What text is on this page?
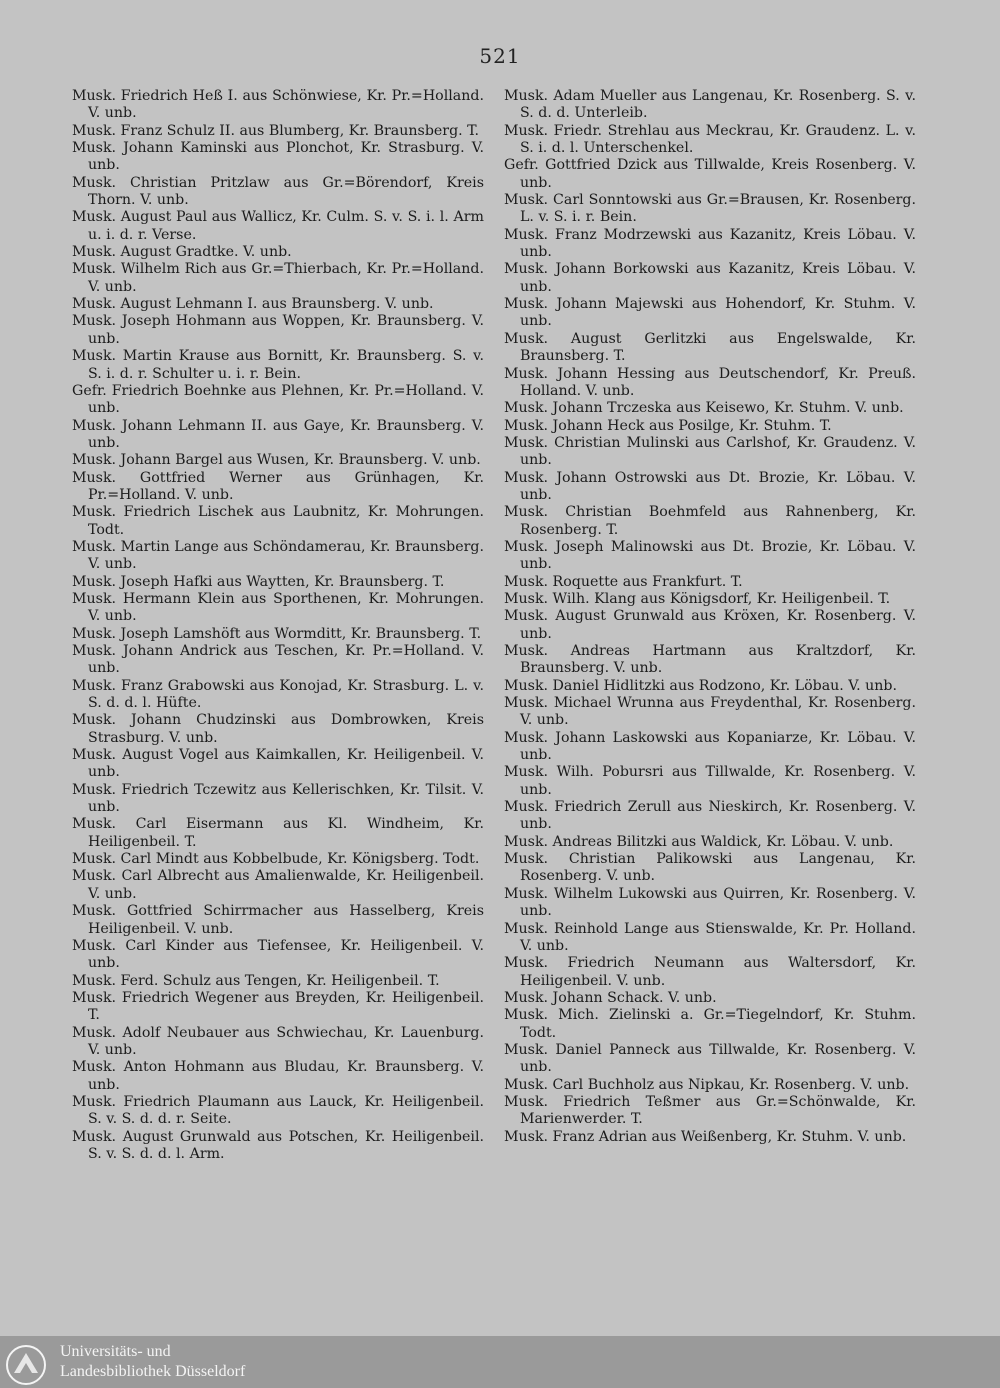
521

Musk. Friedrich Heß I. aus Schönwiese, Kr. Pr.=Holland. V. unb.

Musk. Franz Schulz II. aus Blumberg, Kr. Braunsberg. T.

Musk. Johann Kaminski aus Plonchot, Kr. Strasburg. V. unb.

Musk. Christian Pritzlaw aus Gr.=Börendorf, Kreis Thorn. V. unb.

Musk. August Paul aus Wallicz, Kr. Culm. S. v. S. i. l. Arm u. i. d. r. Verse.

Musk. August Gradtke. V. unb.

Musk. Wilhelm Rich aus Gr.=Thierbach, Kr. Pr.=Holland. V. unb.

Musk. August Lehmann I. aus Braunsberg. V. unb.

Musk. Joseph Hohmann aus Woppen, Kr. Braunsberg. V. unb.

Musk. Martin Krause aus Bornitt, Kr. Braunsberg. S. v. S. i. d. r. Schulter u. i. r. Bein.

Gefr. Friedrich Boehnke aus Plehnen, Kr. Pr.=Holland. V. unb.

Musk. Johann Lehmann II. aus Gaye, Kr. Braunsberg. V. unb.

Musk. Johann Bargel aus Wusen, Kr. Braunsberg. V. unb.

Musk. Gottfried Werner aus Grünhagen, Kr. Pr.=Holland. V. unb.

Musk. Friedrich Lischek aus Laubnitz, Kr. Mohrungen. Todt.

Musk. Martin Lange aus Schöndamerau, Kr. Braunsberg. V. unb.

Musk. Joseph Hafki aus Waytten, Kr. Braunsberg. T.

Musk. Hermann Klein aus Sporthenen, Kr. Mohrungen. V. unb.

Musk. Joseph Lamshöft aus Wormditt, Kr. Braunsberg. T.

Musk. Johann Andrick aus Teschen, Kr. Pr.=Holland. V. unb.

Musk. Franz Grabowski aus Konojad, Kr. Strasburg. L. v. S. d. d. l. Hüfte.

Musk. Johann Chudzinski aus Dombrowken, Kreis Strasburg. V. unb.

Musk. August Vogel aus Kaimkallen, Kr. Heiligenbeil. V. unb.

Musk. Friedrich Tczewitz aus Kellerischken, Kr. Tilsit. V. unb.

Musk. Carl Eisermann aus Kl. Windheim, Kr. Heiligenbeil. T.

Musk. Carl Mindt aus Kobbelbude, Kr. Königsberg. Todt.

Musk. Carl Albrecht aus Amalienwalde, Kr. Heiligenbeil. V. unb.

Musk. Gottfried Schirrmacher aus Hasselberg, Kreis Heiligenbeil. V. unb.

Musk. Carl Kinder aus Tiefensee, Kr. Heiligenbeil. V. unb.

Musk. Ferd. Schulz aus Tengen, Kr. Heiligenbeil. T.

Musk. Friedrich Wegener aus Breyden, Kr. Heiligenbeil. T.

Musk. Adolf Neubauer aus Schwiechau, Kr. Lauenburg. V. unb.

Musk. Anton Hohmann aus Bludau, Kr. Braunsberg. V. unb.

Musk. Friedrich Plaumann aus Lauck, Kr. Heiligenbeil. S. v. S. d. d. r. Seite.

Musk. August Grunwald aus Potschen, Kr. Heiligenbeil. S. v. S. d. d. l. Arm.

Musk. Adam Mueller aus Langenau, Kr. Rosenberg. S. v. S. d. d. Unterleib.

Musk. Friedr. Strehlau aus Meckrau, Kr. Graudenz. L. v. S. i. d. l. Unterschenkel.

Gefr. Gottfried Dzick aus Tillwalde, Kreis Rosenberg. V. unb.

Musk. Carl Sonntowski aus Gr.=Brausen, Kr. Rosenberg. L. v. S. i. r. Bein.

Musk. Franz Modrzewski aus Kazanitz, Kreis Löbau. V. unb.

Musk. Johann Borkowski aus Kazanitz, Kreis Löbau. V. unb.

Musk. Johann Majewski aus Hohendorf, Kr. Stuhm. V. unb.

Musk. August Gerlitzki aus Engelswalde, Kr. Braunsberg. T.

Musk. Johann Hessing aus Deutschendorf, Kr. Preuß. Holland. V. unb.

Musk. Johann Trczeska aus Keisewo, Kr. Stuhm. V. unb.

Musk. Johann Heck aus Posilge, Kr. Stuhm. T.

Musk. Christian Mulinski aus Carlshof, Kr. Graudenz. V. unb.

Musk. Johann Ostrowski aus Dt. Brozie, Kr. Löbau. V. unb.

Musk. Christian Boehmfeld aus Rahnenberg, Kr. Rosenberg. T.

Musk. Joseph Malinowski aus Dt. Brozie, Kr. Löbau. V. unb.

Musk. Roquette aus Frankfurt. T.

Musk. Wilh. Klang aus Königsdorf, Kr. Heiligenbeil. T.

Musk. August Grunwald aus Kröxen, Kr. Rosenberg. V. unb.

Musk. Andreas Hartmann aus Kraltzdorf, Kr. Braunsberg. V. unb.

Musk. Daniel Hidlitzki aus Rodzono, Kr. Löbau. V. unb.

Musk. Michael Wrunna aus Freydenthal, Kr. Rosenberg. V. unb.

Musk. Johann Laskowski aus Kopaniarze, Kr. Löbau. V. unb.

Musk. Wilh. Pobursri aus Tillwalde, Kr. Rosenberg. V. unb.

Musk. Friedrich Zerull aus Nieskirch, Kr. Rosenberg. V. unb.

Musk. Andreas Bilitzki aus Waldick, Kr. Löbau. V. unb.

Musk. Christian Palikowski aus Langenau, Kr. Rosenberg. V. unb.

Musk. Wilhelm Lukowski aus Quirren, Kr. Rosenberg. V. unb.

Musk. Reinhold Lange aus Stienswalde, Kr. Pr. Holland. V. unb.

Musk. Friedrich Neumann aus Waltersdorf, Kr. Heiligenbeil. V. unb.

Musk. Johann Schack. V. unb.

Musk. Mich. Zielinski a. Gr.=Tiegelndorf, Kr. Stuhm. Todt.

Musk. Daniel Panneck aus Tillwalde, Kr. Rosenberg. V. unb.

Musk. Carl Buchholz aus Nipkau, Kr. Rosenberg. V. unb.

Musk. Friedrich Teßmer aus Gr.=Schönwalde, Kr. Marienwerder. T.

Musk. Franz Adrian aus Weißenberg, Kr. Stuhm. V. unb.

Universitäts- und
Landesbibliothek Düsseldorf
